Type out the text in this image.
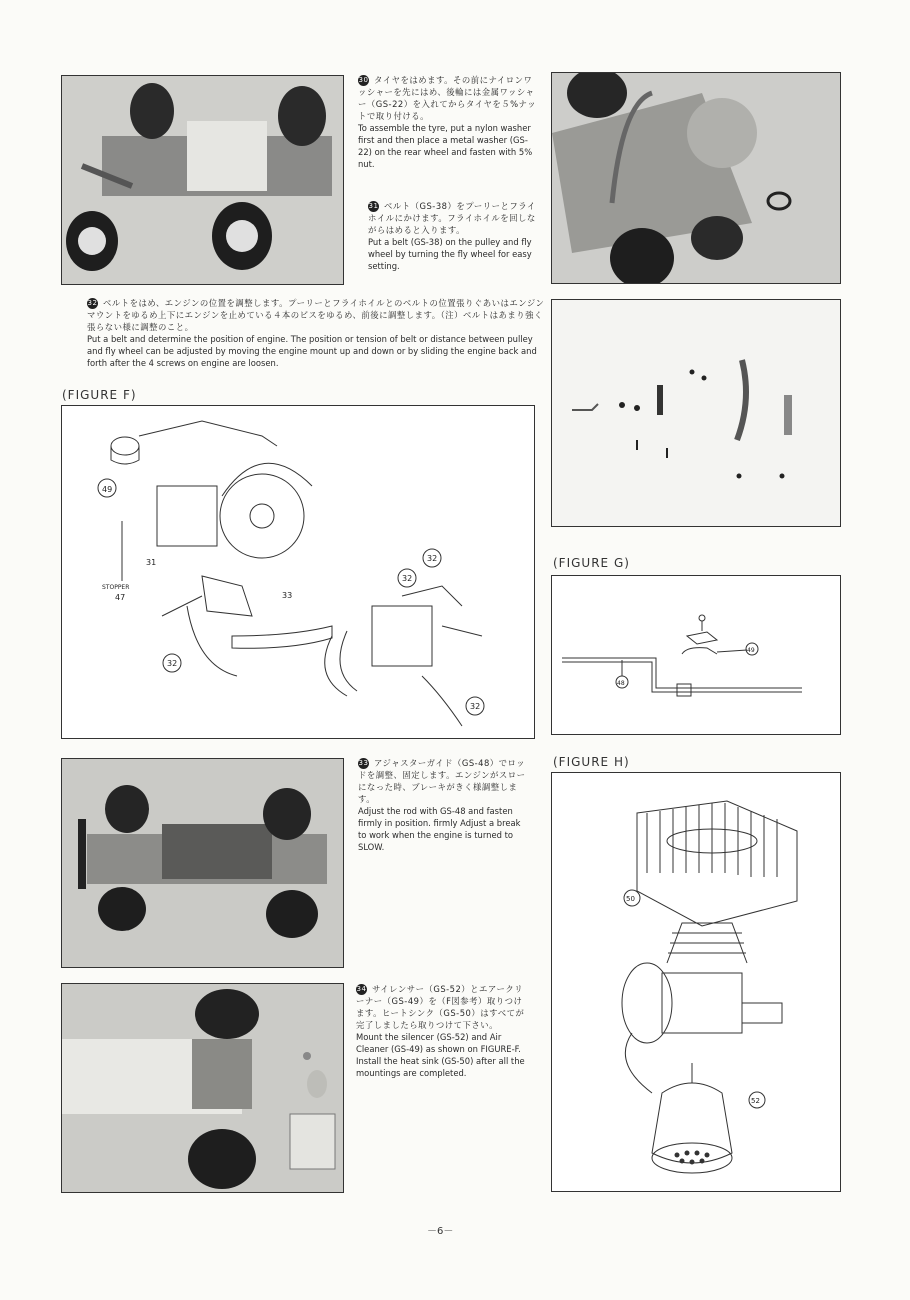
30 タイヤをはめます。その前にナイロンワッシャーを先にはめ、後輪には金属ワッシャー（GS-22）を入れてからタイヤを５%ナットで取り付ける。

To assemble the tyre, put a nylon washer first and then place a metal washer (GS-22) on the rear wheel and fasten with 5% nut.

31 ベルト（GS-38）をプーリーとフライホイルにかけます。フライホイルを回しながらはめると入ります。

Put a belt (GS-38) on the pulley and fly wheel by turning the fly wheel for easy setting.

32 ベルトをはめ、エンジンの位置を調整します。プーリーとフライホイルとのベルトの位置張りぐあいはエンジンマウントをゆるめ上下にエンジンを止めている４本のビスをゆるめ、前後に調整します。（注）ベルトはあまり強く張らない様に調整のこと。

Put a belt and determine the position of engine. The position or tension of belt or distance between pulley and fly wheel can be adjusted by moving the engine mount up and down or by sliding the engine back and forth after the 4 screws on engine are loosen.

(FIGURE F)
49
31
STOPPER
47	33
32
32
32
32
(FIGURE G)
49
48

33 アジャスターガイド（GS-48）でロッドを調整、固定します。エンジンがスローになった時、ブレーキがきく様調整します。

Adjust the rod with GS-48 and fasten firmly in position. firmly Adjust a break to work when the engine is turned to SLOW.

(FIGURE H)
50
52

34 サイレンサー（GS-52）とエアークリーナー（GS-49）を（F図参考）取りつけます。ヒートシンク（GS-50）はすべてが完了しましたら取りつけて下さい。

Mount the silencer (GS-52) and Air Cleaner (GS-49) as shown on FIGURE-F. Install the heat sink (GS-50) after all the mountings are completed.

－6－
